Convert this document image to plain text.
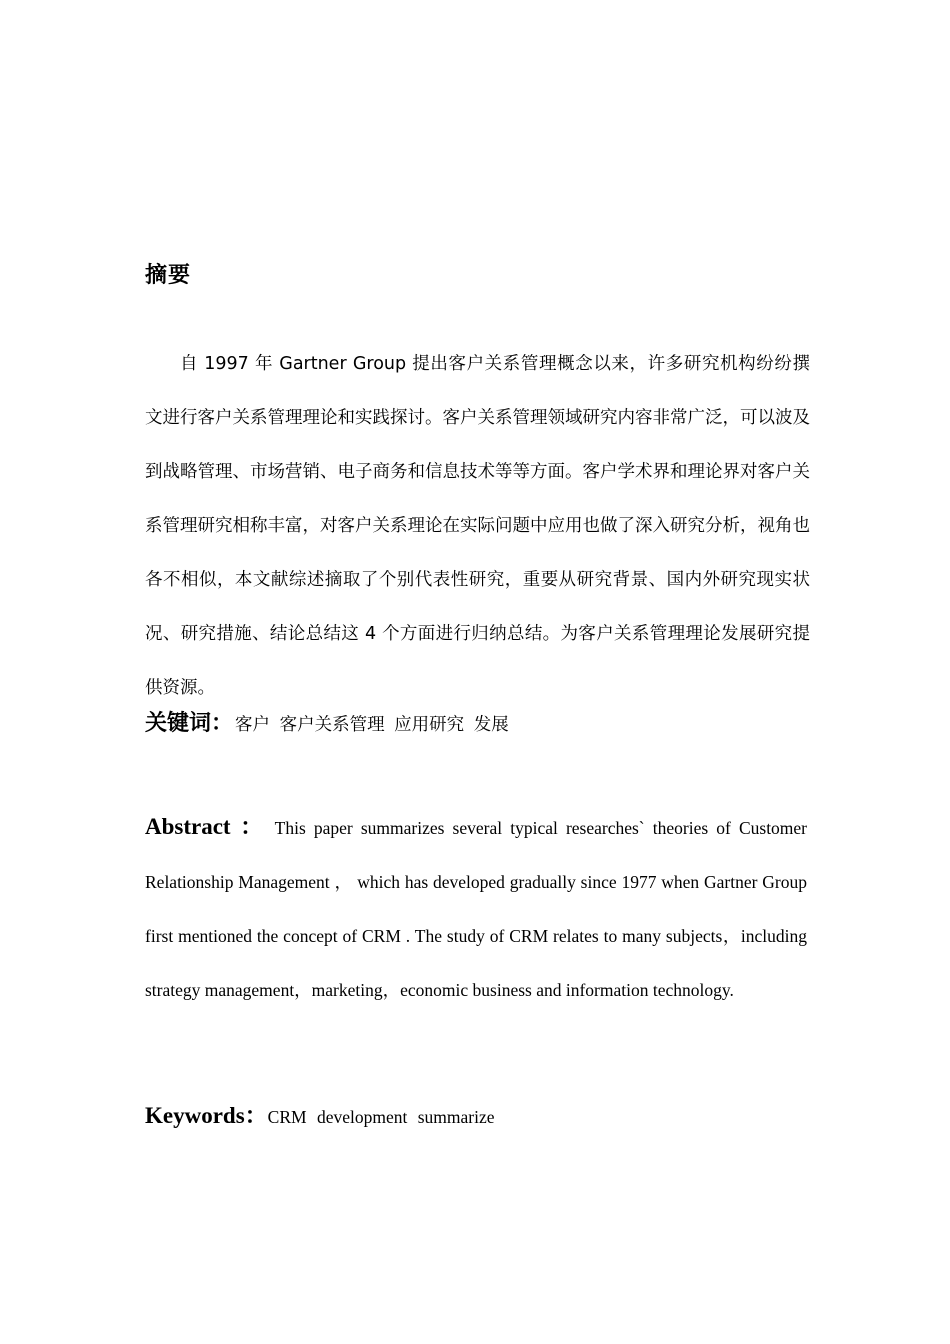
摘要
自 1997 年 Gartner Group 提出客户关系管理概念以来，许多研究机构纷纷撰文进行客户关系管理理论和实践探讨。客户关系管理领域研究内容非常广泛，可以波及到战略管理、市场营销、电子商务和信息技术等等方面。客户学术界和理论界对客户关系管理研究相称丰富，对客户关系理论在实际问题中应用也做了深入研究分析，视角也各不相似，本文献综述摘取了个别代表性研究，重要从研究背景、国内外研究现实状况、研究措施、结论总结这 4 个方面进行归纳总结。为客户关系管理理论发展研究提供资源。
关键词： 客户 客户关系管理 应用研究 发展
Abstract ： This paper summarizes several typical researches` theories of Customer Relationship Management ， which has developed gradually since 1977 when Gartner Group first mentioned the concept of CRM . The study of CRM relates to many subjects，including strategy management，marketing，economic business and information technology.
Keywords：CRM development summarize
